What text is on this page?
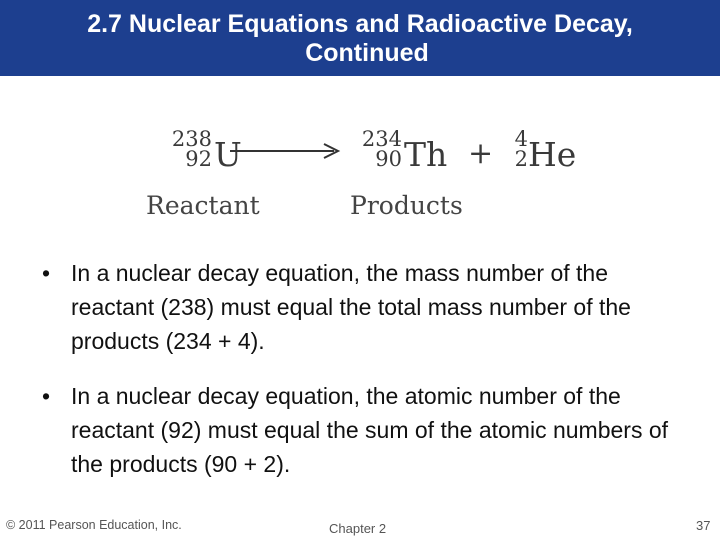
2.7 Nuclear Equations and Radioactive Decay,
Continued
238
92 U	234
90 Th +	4
2 He
Reactant	Products
• In a nuclear decay equation, the mass number of the reactant (238) must equal the total mass number of the products (234 + 4).
• In a nuclear decay equation, the atomic number of the reactant (92) must equal the sum of the atomic numbers of the products (90 + 2).
© 2011 Pearson Education, Inc.	Chapter 2	37
